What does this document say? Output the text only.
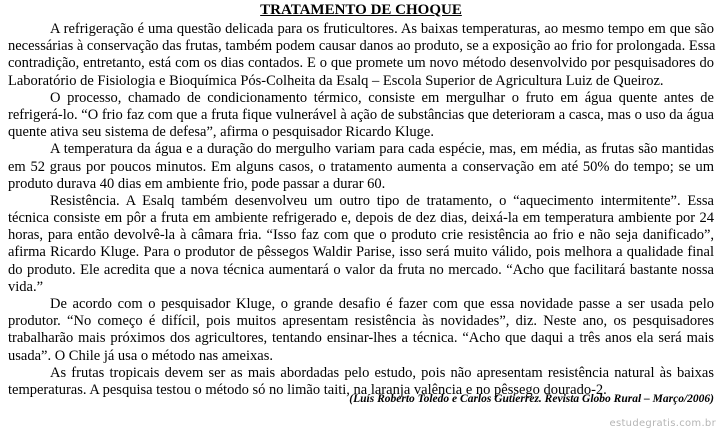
TRATAMENTO DE CHOQUE
A refrigeração é uma questão delicada para os fruticultores. As baixas temperaturas, ao mesmo tempo em que são
necessárias à conservação das frutas, também podem causar danos ao produto, se a exposição ao frio for prolongada. Essa
contradição, entretanto, está com os dias contados. E o que promete um novo método desenvolvido por pesquisadores do
Laboratório de Fisiologia e Bioquímica Pós-Colheita da Esalq – Escola Superior de Agricultura Luiz de Queiroz.
O processo, chamado de condicionamento térmico, consiste em mergulhar o fruto em água quente antes de
refrigerá-lo. “O frio faz com que a fruta fique vulnerável à ação de substâncias que deterioram a casca, mas o uso da água
quente ativa seu sistema de defesa”, afirma o pesquisador Ricardo Kluge.
A temperatura da água e a duração do mergulho variam para cada espécie, mas, em média, as frutas são mantidas
em 52 graus por poucos minutos. Em alguns casos, o tratamento aumenta a conservação em até 50% do tempo; se um
produto durava 40 dias em ambiente frio, pode passar a durar 60.
Resistência. A Esalq também desenvolveu um outro tipo de tratamento, o “aquecimento intermitente”. Essa
técnica consiste em pôr a fruta em ambiente refrigerado e, depois de dez dias, deixá-la em temperatura ambiente por 24
horas, para então devolvê-la à câmara fria. “Isso faz com que o produto crie resistência ao frio e não seja danificado”,
afirma Ricardo Kluge. Para o produtor de pêssegos Waldir Parise, isso será muito válido, pois melhora a qualidade final
do produto. Ele acredita que a nova técnica aumentará o valor da fruta no mercado. “Acho que facilitará bastante nossa
vida.”
De acordo com o pesquisador Kluge, o grande desafio é fazer com que essa novidade passe a ser usada pelo
produtor. “No começo é difícil, pois muitos apresentam resistência às novidades”, diz. Neste ano, os pesquisadores
trabalharão mais próximos dos agricultores, tentando ensinar-lhes a técnica. “Acho que daqui a três anos ela será mais
usada”. O Chile já usa o método nas ameixas.
As frutas tropicais devem ser as mais abordadas pelo estudo, pois não apresentam resistência natural às baixas
temperaturas. A pesquisa testou o método só no limão taiti, na laranja valência e no pêssego dourado-2.
(Luís Roberto Toledo e Carlos Gutierrez. Revista Globo Rural – Março/2006)
estudegratis.com.br
